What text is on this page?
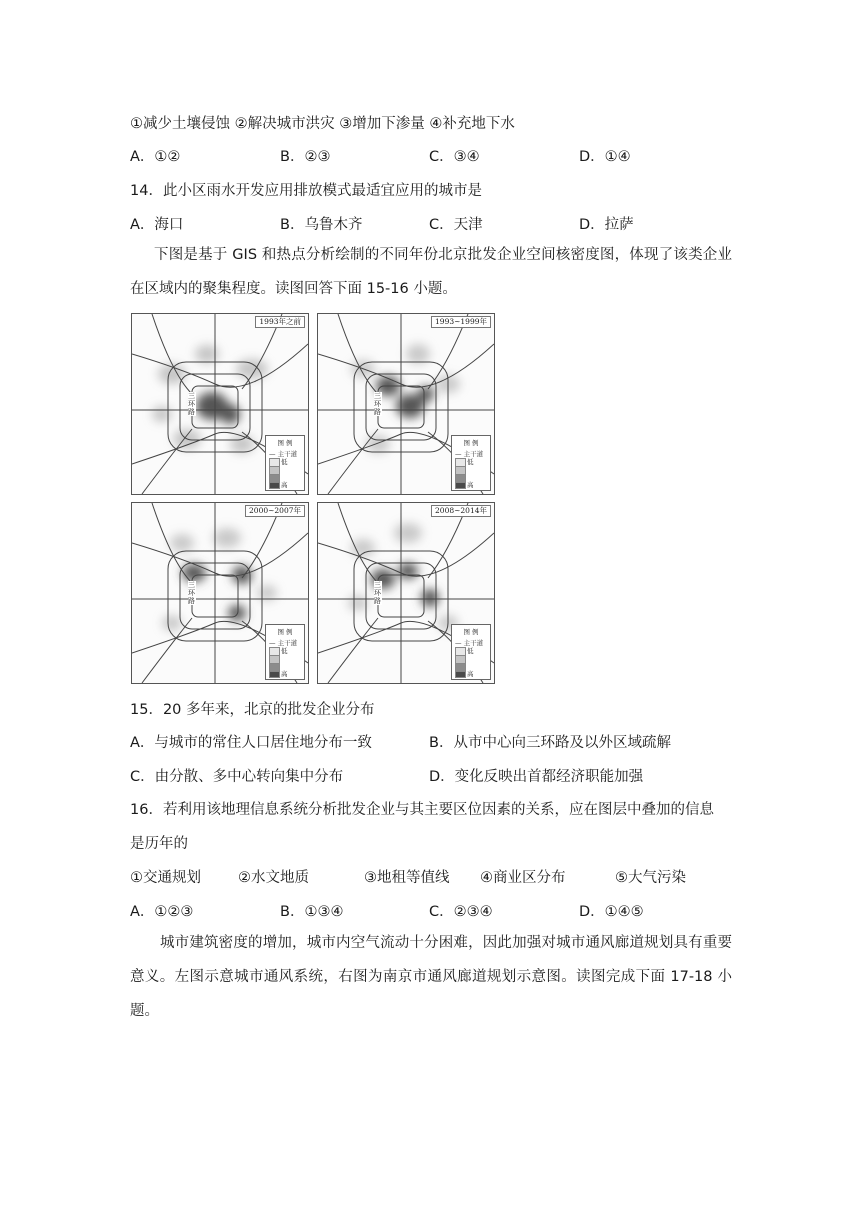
①减少土壤侵蚀 ②解决城市洪灾 ③增加下渗量 ④补充地下水
A．①②	B．②③	C．③④	D．①④
14．此小区雨水开发应用排放模式最适宜应用的城市是
A．海口	B．乌鲁木齐	C．天津	D．拉萨
下图是基于 GIS 和热点分析绘制的不同年份北京批发企业空间核密度图，体现了该类企业在区域内的聚集程度。读图回答下面 15-16 小题。
1993年之前
三环路
图 例
— 主干道
低
高
1993~1999年
三环路
图 例
— 主干道
低
高
2000~2007年
三环路
图 例
— 主干道
低
高
2008~2014年
三环路
图 例
— 主干道
低
高
15．20 多年来，北京的批发企业分布
A．与城市的常住人口居住地分布一致	B．从市中心向三环路及以外区域疏解
C．由分散、多中心转向集中分布	D．变化反映出首都经济职能加强
16．若利用该地理信息系统分析批发企业与其主要区位因素的关系，应在图层中叠加的信息
是历年的
①交通规划	②水文地质	③地租等值线 ④商业区分布	⑤大气污染
A．①②③	B．①③④	C．②③④	D．①④⑤
城市建筑密度的增加，城市内空气流动十分困难，因此加强对城市通风廊道规划具有重要意义。左图示意城市通风系统，右图为南京市通风廊道规划示意图。读图完成下面 17-18 小题。
